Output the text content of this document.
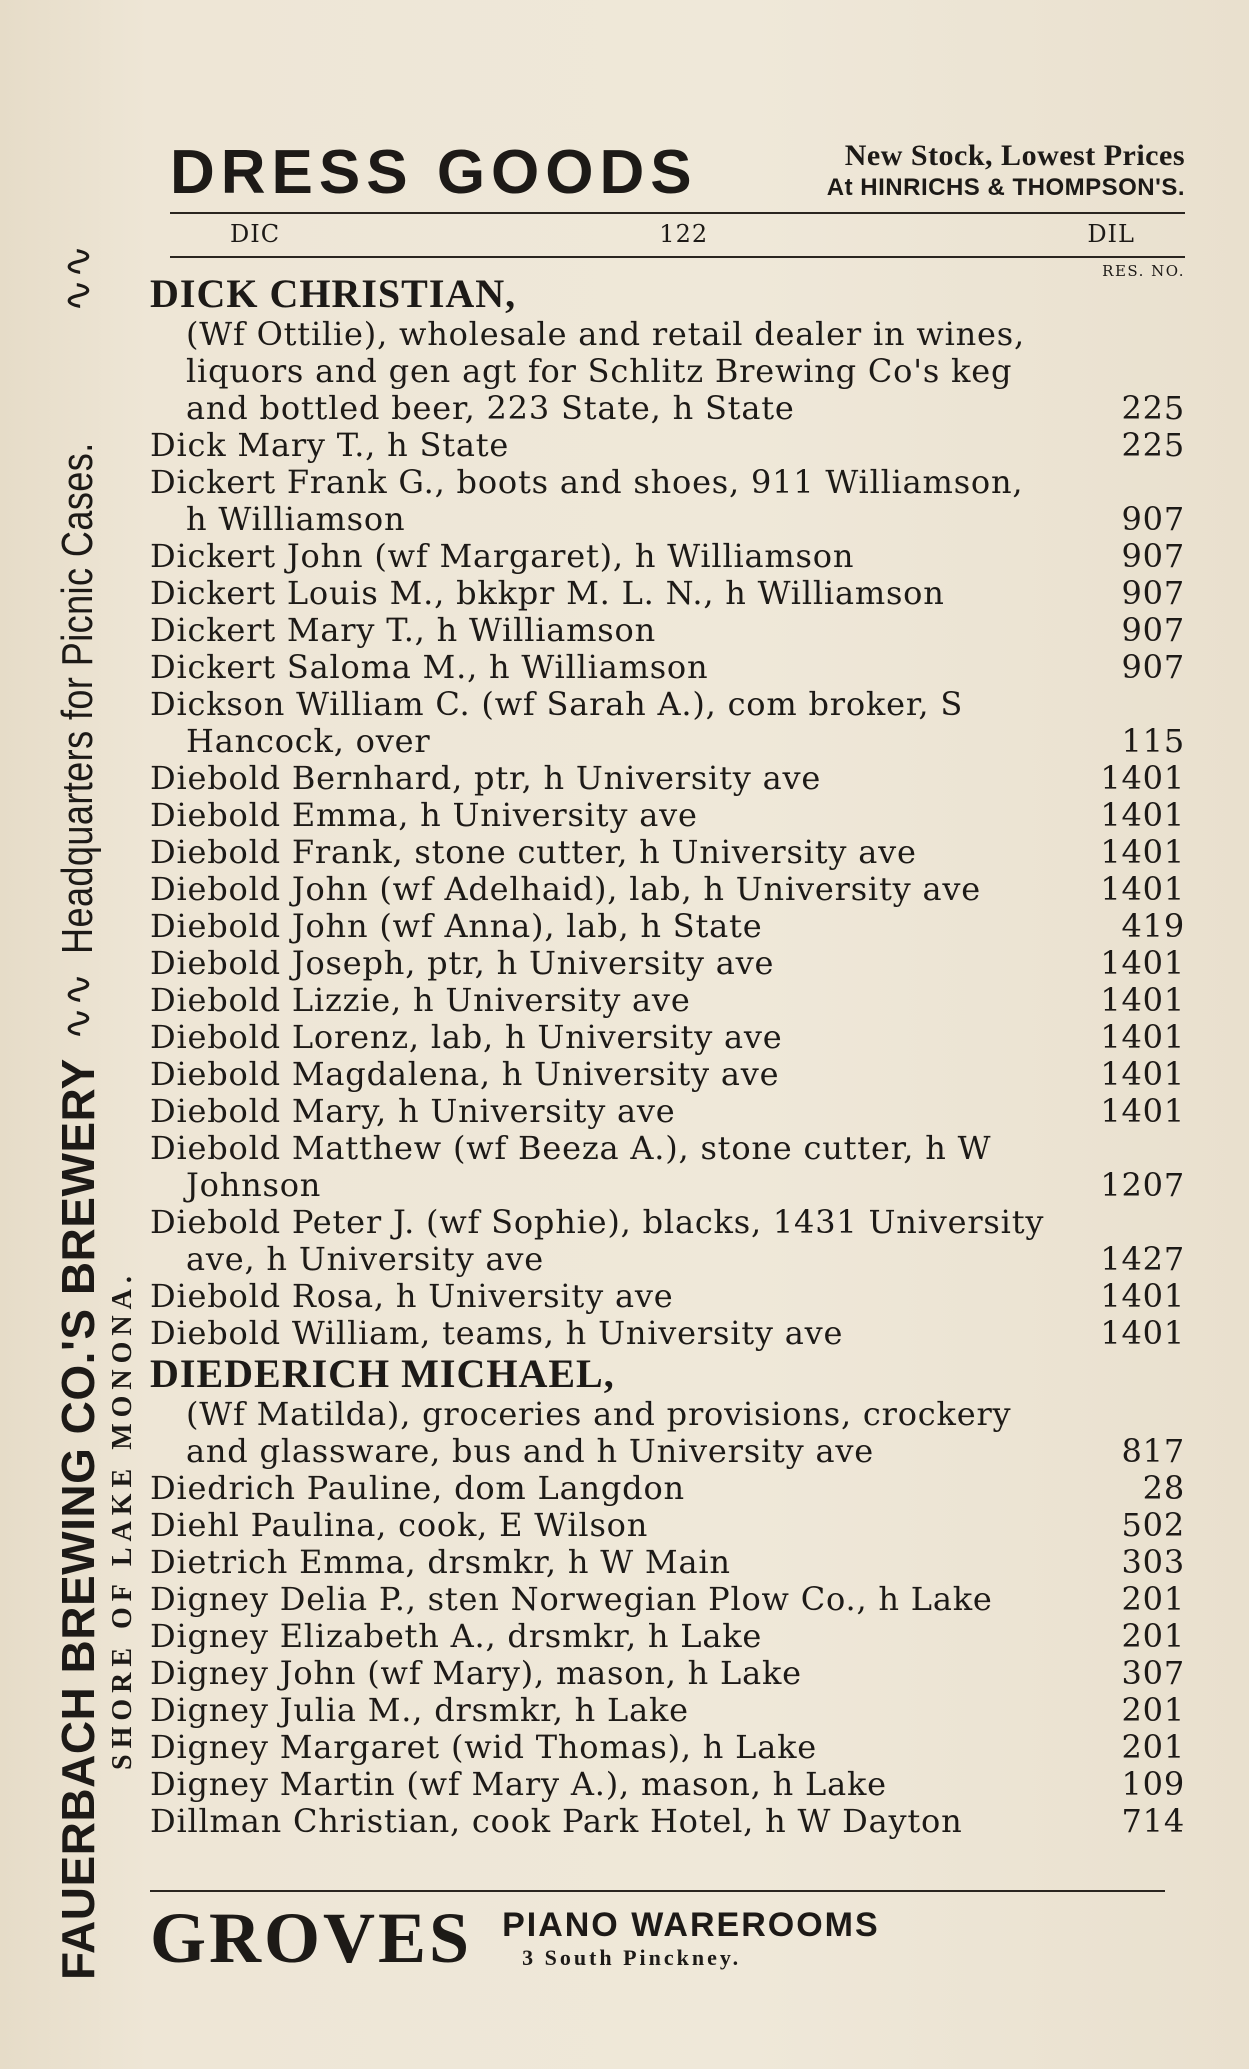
FAUERBACH BREWING CO.'S BREWERY
∿∿
Headquarters for Picnic Cases.
∿∿
SHORE OF LAKE MONONA.
DRESS GOODS	New Stock, Lowest Prices
At HINRICHS & THOMPSON'S.
DIC	122	DIL
RES. NO.
DICK CHRISTIAN,
(Wf Ottilie), wholesale and retail dealer in wines,
liquors and gen agt for Schlitz Brewing Co's keg
and bottled beer, 223 State, h State	225
Dick Mary T., h State	225
Dickert Frank G., boots and shoes, 911 Williamson,
h Williamson	907
Dickert John (wf Margaret), h Williamson	907
Dickert Louis M., bkkpr M. L. N., h Williamson	907
Dickert Mary T., h Williamson	907
Dickert Saloma M., h Williamson	907
Dickson William C. (wf Sarah A.), com broker, S
Hancock, over	115
Diebold Bernhard, ptr, h University ave	1401
Diebold Emma, h University ave	1401
Diebold Frank, stone cutter, h University ave	1401
Diebold John (wf Adelhaid), lab, h University ave	1401
Diebold John (wf Anna), lab, h State	419
Diebold Joseph, ptr, h University ave	1401
Diebold Lizzie, h University ave	1401
Diebold Lorenz, lab, h University ave	1401
Diebold Magdalena, h University ave	1401
Diebold Mary, h University ave	1401
Diebold Matthew (wf Beeza A.), stone cutter, h W
Johnson	1207
Diebold Peter J. (wf Sophie), blacks, 1431 University
ave, h University ave	1427
Diebold Rosa, h University ave	1401
Diebold William, teams, h University ave	1401
DIEDERICH MICHAEL,
(Wf Matilda), groceries and provisions, crockery
and glassware, bus and h University ave	817
Diedrich Pauline, dom Langdon	28
Diehl Paulina, cook, E Wilson	502
Dietrich Emma, drsmkr, h W Main	303
Digney Delia P., sten Norwegian Plow Co., h Lake	201
Digney Elizabeth A., drsmkr, h Lake	201
Digney John (wf Mary), mason, h Lake	307
Digney Julia M., drsmkr, h Lake	201
Digney Margaret (wid Thomas), h Lake	201
Digney Martin (wf Mary A.), mason, h Lake	109
Dillman Christian, cook Park Hotel, h W Dayton	714
GROVES PIANO WAREROOMS
3 South Pinckney.
